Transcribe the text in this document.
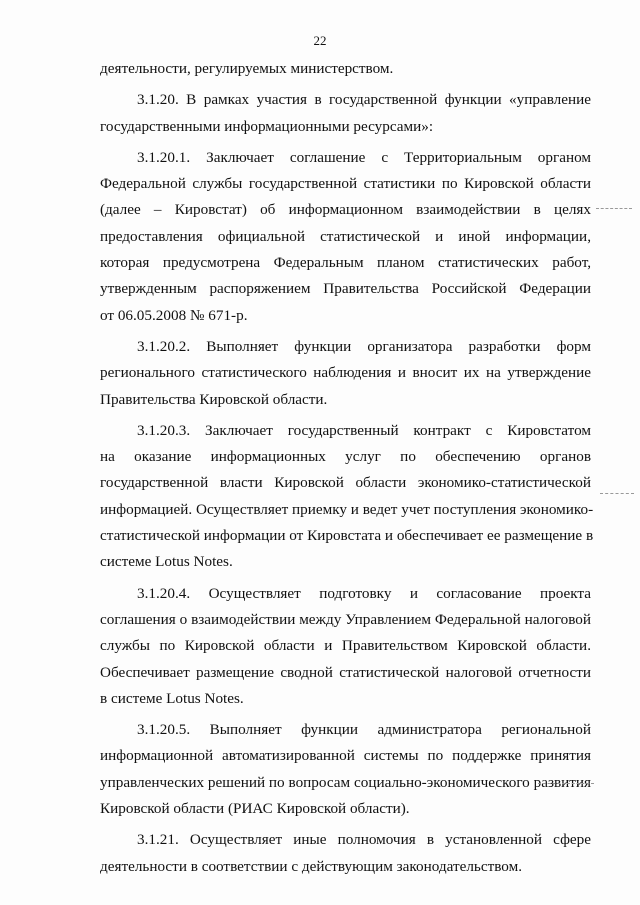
22
деятельности, регулируемых министерством.
3.1.20. В рамках участия в государственной функции «управление
государственными информационными ресурсами»:
3.1.20.1. Заключает соглашение с Территориальным органом
Федеральной службы государственной статистики по Кировской области
(далее – Кировстат) об информационном взаимодействии в целях
предоставления официальной статистической и иной информации,
которая предусмотрена Федеральным планом статистических работ,
утвержденным распоряжением Правительства Российской Федерации
от 06.05.2008 № 671-р.
3.1.20.2. Выполняет функции организатора разработки форм
регионального статистического наблюдения и вносит их на утверждение
Правительства Кировской области.
3.1.20.3. Заключает государственный контракт с Кировстатом
на оказание информационных услуг по обеспечению органов
государственной власти Кировской области экономико-статистической
информацией. Осуществляет приемку и ведет учет поступления экономико-
статистической информации от Кировстата и обеспечивает ее размещение в
системе Lotus Notes.
3.1.20.4. Осуществляет подготовку и согласование проекта
соглашения о взаимодействии между Управлением Федеральной налоговой
службы по Кировской области и Правительством Кировской области.
Обеспечивает размещение сводной статистической налоговой отчетности
в системе Lotus Notes.
3.1.20.5. Выполняет функции администратора региональной
информационной автоматизированной системы по поддержке принятия
управленческих решений по вопросам социально-экономического развития
Кировской области (РИАС Кировской области).
3.1.21. Осуществляет иные полномочия в установленной сфере
деятельности в соответствии с действующим законодательством.
